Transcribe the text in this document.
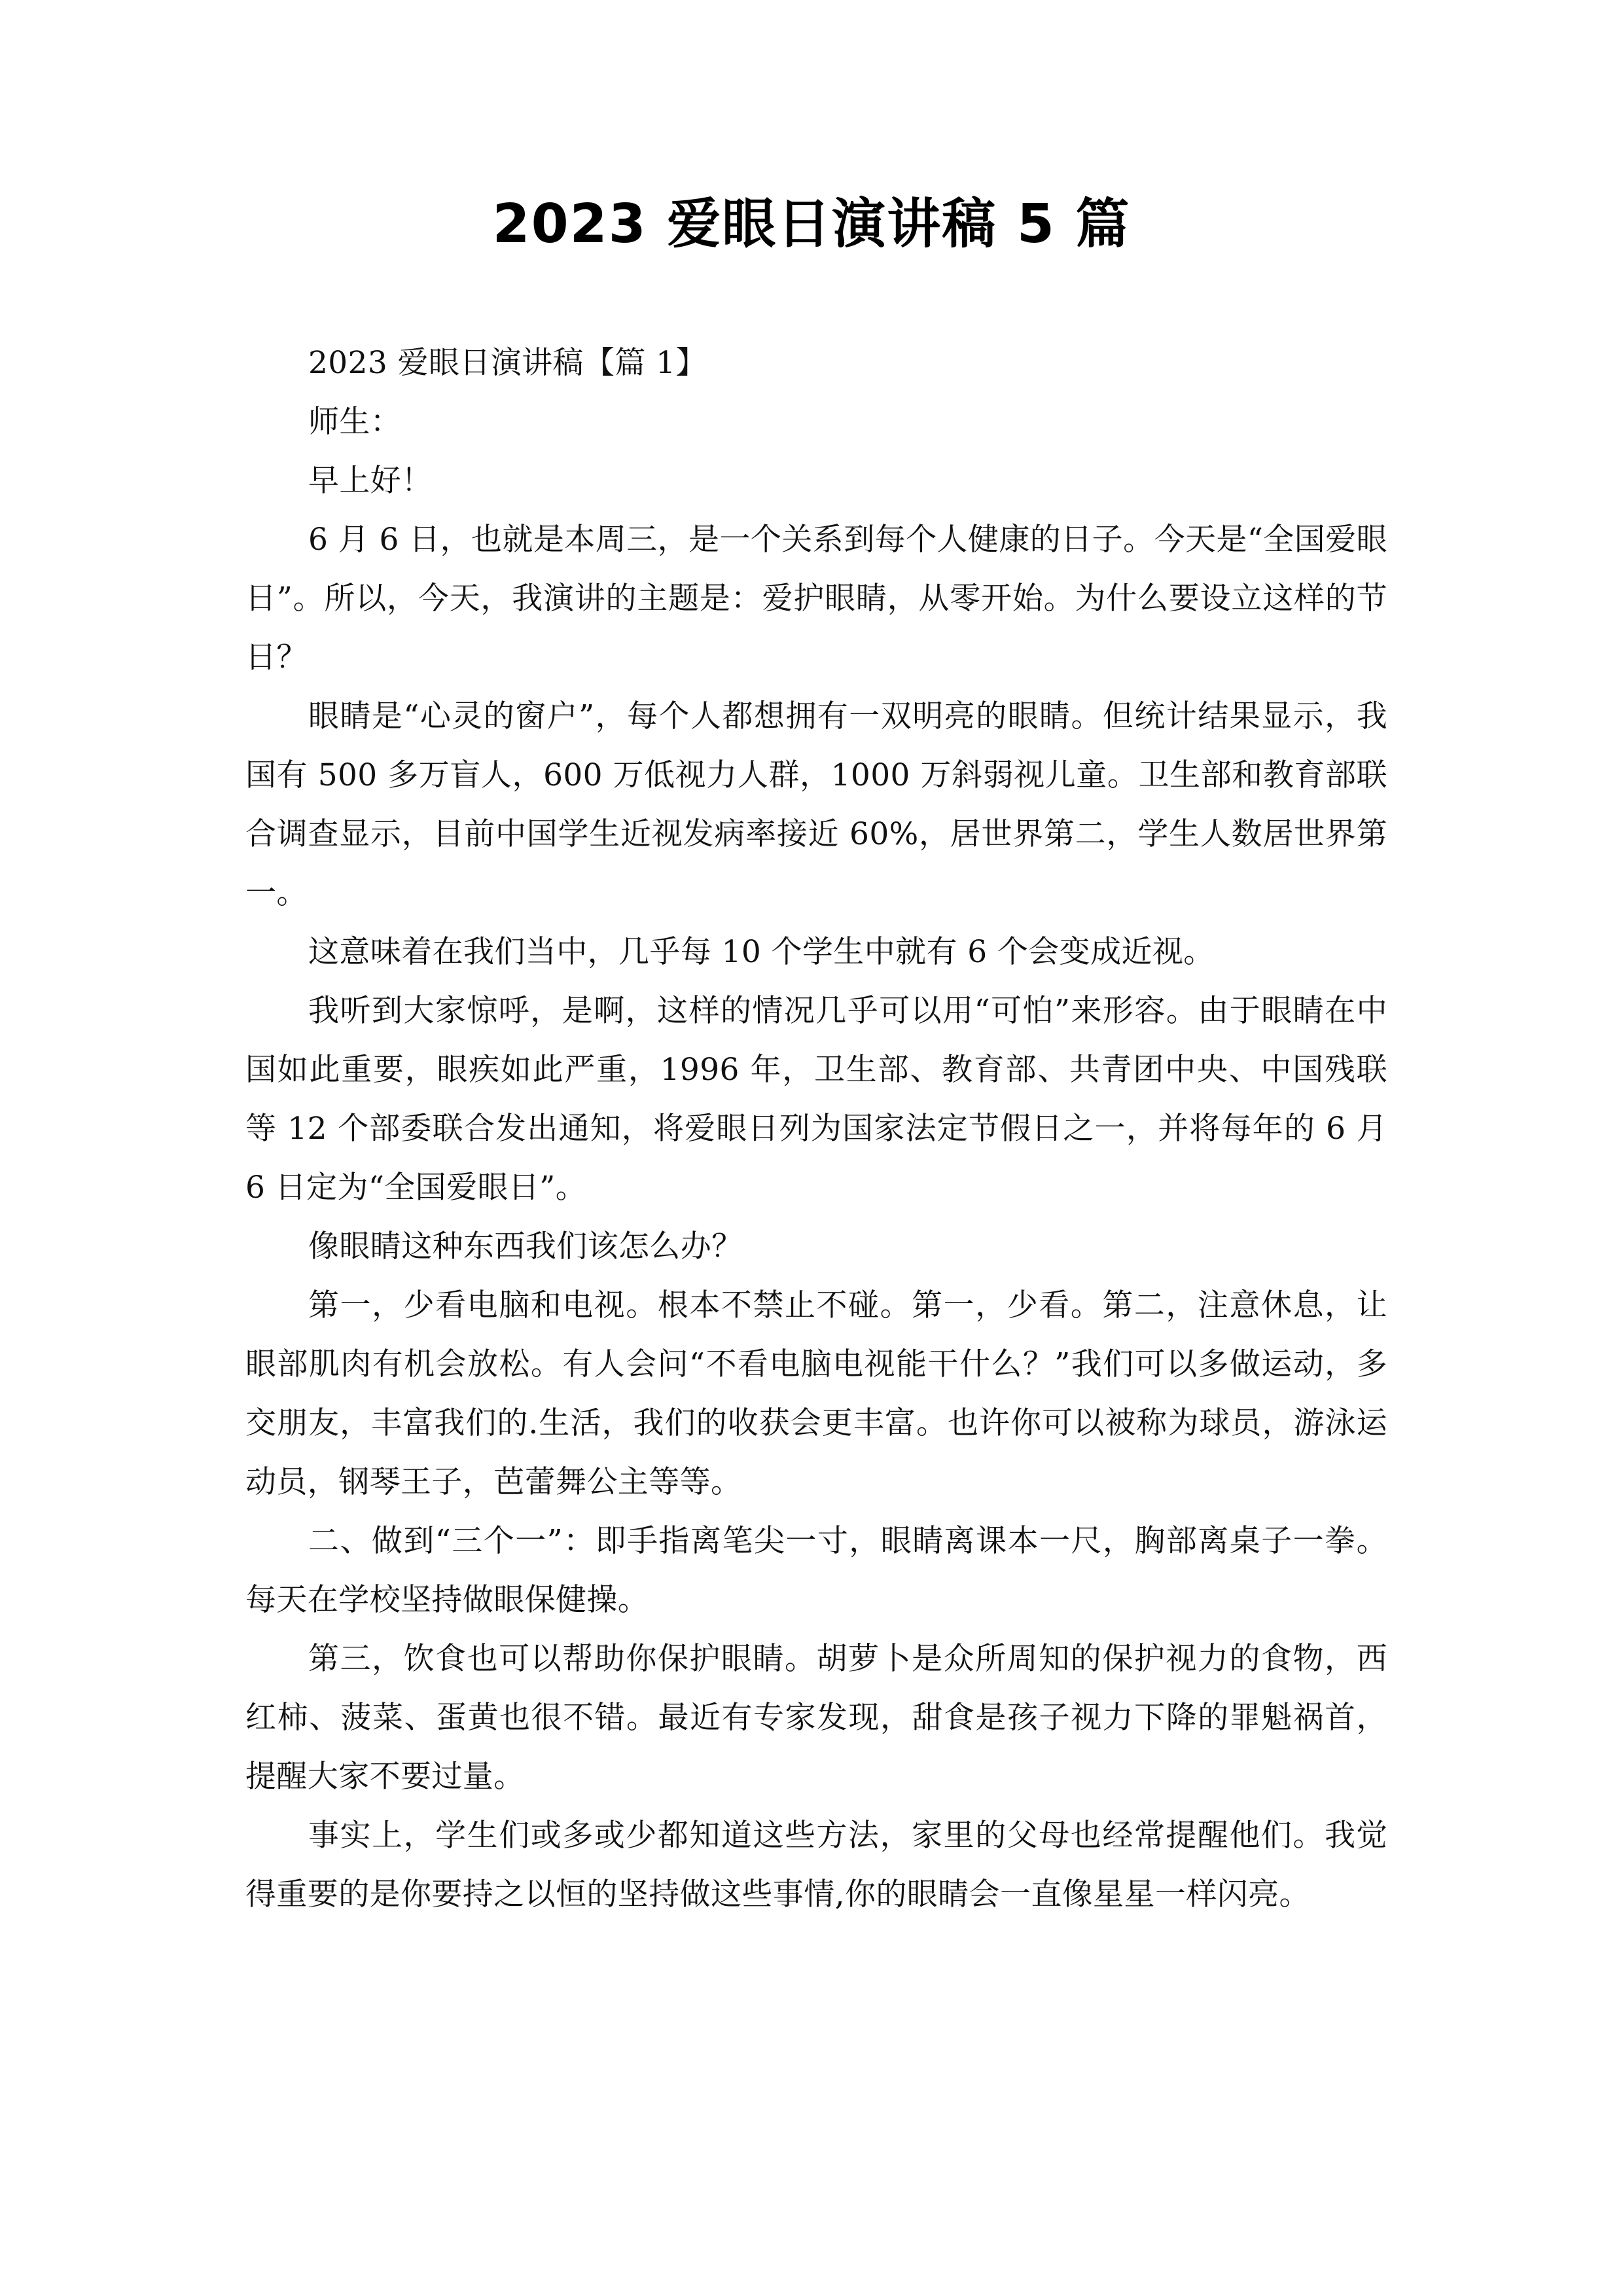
2023 爱眼日演讲稿 5 篇

2023 爱眼日演讲稿【篇 1】

师生：

早上好！

6 月 6 日，也就是本周三，是一个关系到每个人健康的日子。今天是“全国爱眼日”。所以，今天，我演讲的主题是：爱护眼睛，从零开始。为什么要设立这样的节日？

眼睛是“心灵的窗户”，每个人都想拥有一双明亮的眼睛。但统计结果显示，我国有 500 多万盲人，600 万低视力人群，1000 万斜弱视儿童。卫生部和教育部联合调查显示，目前中国学生近视发病率接近 60%，居世界第二，学生人数居世界第一。

这意味着在我们当中，几乎每 10 个学生中就有 6 个会变成近视。

我听到大家惊呼，是啊，这样的情况几乎可以用“可怕”来形容。由于眼睛在中国如此重要，眼疾如此严重，1996 年，卫生部、教育部、共青团中央、中国残联等 12 个部委联合发出通知，将爱眼日列为国家法定节假日之一，并将每年的 6 月 6 日定为“全国爱眼日”。

像眼睛这种东西我们该怎么办？

第一，少看电脑和电视。根本不禁止不碰。第一，少看。第二，注意休息，让眼部肌肉有机会放松。有人会问“不看电脑电视能干什么？”我们可以多做运动，多交朋友，丰富我们的.生活，我们的收获会更丰富。也许你可以被称为球员，游泳运动员，钢琴王子，芭蕾舞公主等等。

二、做到“三个一”：即手指离笔尖一寸，眼睛离课本一尺，胸部离桌子一拳。每天在学校坚持做眼保健操。

第三，饮食也可以帮助你保护眼睛。胡萝卜是众所周知的保护视力的食物，西红柿、菠菜、蛋黄也很不错。最近有专家发现，甜食是孩子视力下降的罪魁祸首，提醒大家不要过量。

事实上，学生们或多或少都知道这些方法，家里的父母也经常提醒他们。我觉得重要的是你要持之以恒的坚持做这些事情,你的眼睛会一直像星星一样闪亮。
